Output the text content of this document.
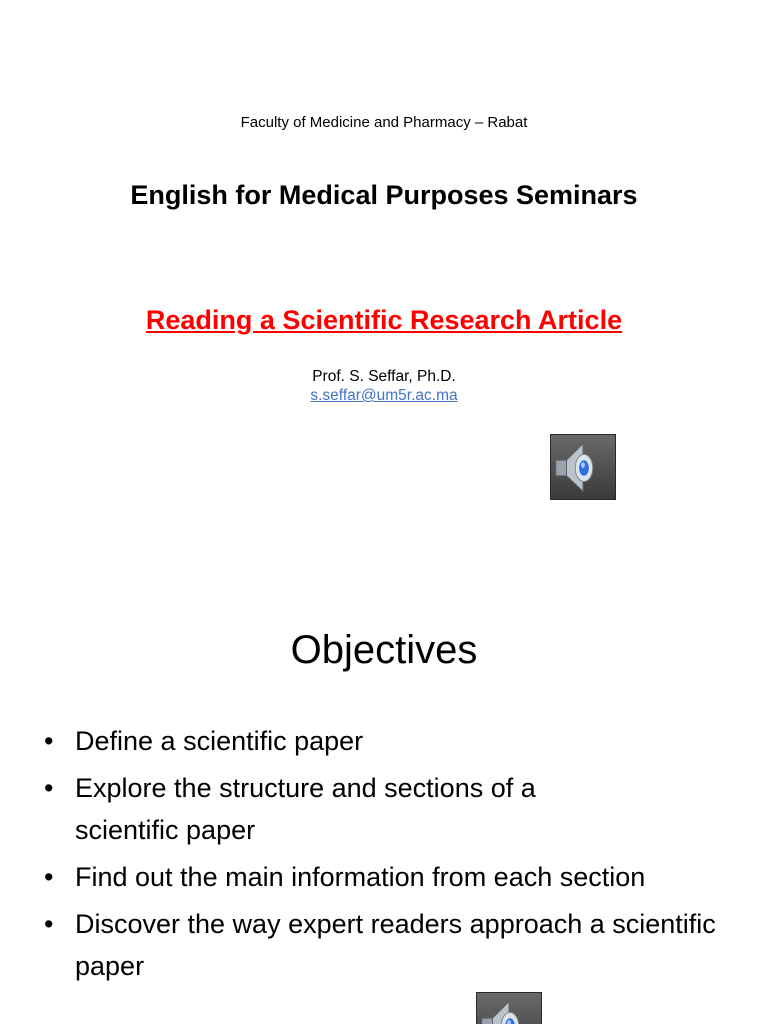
Faculty of Medicine and Pharmacy – Rabat
English for Medical Purposes Seminars
Reading a Scientific Research Article
Prof. S. Seffar, Ph.D.
s.seffar@um5r.ac.ma
Objectives
• Define a scientific paper
• Explore the structure and sections of a scientific paper
• Find out the main information from each section
• Discover the way expert readers approach a scientific paper
